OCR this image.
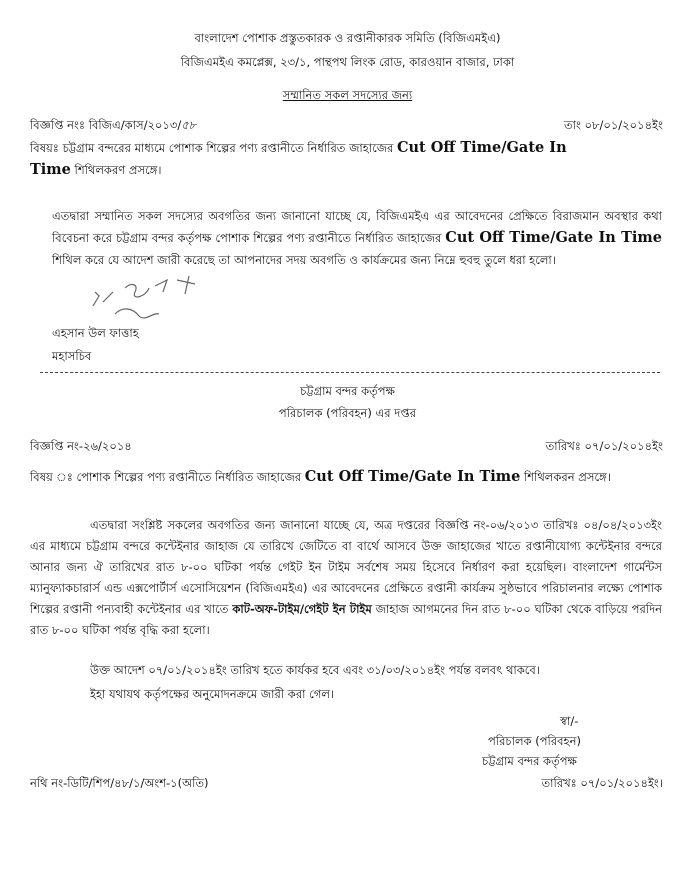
বাংলাদেশ পোশাক প্রস্তুতকারক ও রপ্তানীকারক সমিতি (বিজিএমইএ)
বিজিএমইএ কমপ্লেক্স, ২৩/১, পান্থপথ লিংক রোড, কারওয়ান বাজার, ঢাকা
সম্মানিত সকল সদস্যের জন্য
বিজ্ঞপ্তি নংঃ বিজিএ/কাস/২০১৩/৫৮	তাং ০৮/০১/২০১৪ইং
বিষয়ঃ চট্টগ্রাম বন্দরের মাধ্যমে পোশাক শিল্পের পণ্য রপ্তানীতে নির্ধারিত জাহাজের Cut Off Time/Gate In
Time শিথিলকরণ প্রসঙ্গে।
এতদ্বারা সম্মানিত সকল সদস্যের অবগতির জন্য জানানো যাচ্ছে যে, বিজিএমইএ এর আবেদনের প্রেক্ষিতে বিরাজমান অবস্থার কথা বিবেচনা করে চট্টগ্রাম বন্দর কর্তৃপক্ষ পোশাক শিল্পের পণ্য রপ্তানীতে নির্ধারিত জাহাজের Cut Off Time/Gate In Time শিথিল করে যে আদেশ জারী করেছে তা আপনাদের সদয় অবগতি ও কার্যক্রমের জন্য নিম্নে হুবহু তুলে ধরা হলো।
এহসান উল ফাত্তাহ
মহাসচিব
চট্টগ্রাম বন্দর কর্তৃপক্ষ
পরিচালক (পরিবহন) এর দপ্তর
বিজ্ঞপ্তি নং-২৬/২০১৪	তারিখঃ ০৭/০১/২০১৪ইং
বিষয় ঃ পোশাক শিল্পের পণ্য রপ্তানীতে নির্ধারিত জাহাজের Cut Off Time/Gate In Time শিথিলকরন প্রসঙ্গে।
এতদ্বারা সংশ্লিষ্ট সকলের অবগতির জন্য জানানো যাচ্ছে যে, অত্র দপ্তরের বিজ্ঞপ্তি নং-০৬/২০১৩ তারিখঃ ০৪/০৪/২০১৩ইং এর মাধ্যমে চট্টগ্রাম বন্দরে কন্টেইনার জাহাজ যে তারিখে জেটিতে বা বার্থে আসবে উক্ত জাহাজের খাতে রপ্তানীযোগ্য কন্টেইনার বন্দরে আনার জন্য ঐ তারিখের রাত ৮-০০ ঘটিকা পর্যন্ত গেইট ইন টাইম সর্বশেষ সময় হিসেবে নির্ধারণ করা হয়েছিল। বাংলাদেশ গার্মেন্টস ম্যানুফ্যাকচারার্স এন্ড এক্সপোর্টার্স এসোসিয়েশন (বিজিএমইএ) এর আবেদনের প্রেক্ষিতে রপ্তানী কার্যক্রম সুষ্ঠভাবে পরিচালনার লক্ষ্যে পোশাক শিল্পের রপ্তানী পন্যবাহী কন্টেইনার এর খাতে কাট-অফ-টাইম/গেইট ইন টাইম জাহাজ আগমনের দিন রাত ৮-০০ ঘটিকা থেকে বাড়িয়ে পরদিন রাত ৮-০০ ঘটিকা পর্যন্ত বৃদ্ধি করা হলো।
উক্ত আদেশ ০৭/০১/২০১৪ইং তারিখ হতে কার্যকর হবে এবং ৩১/০৩/২০১৪ইং পর্যন্ত বলবৎ থাকবে।
ইহা যথাযথ কর্তৃপক্ষের অনুমোদনক্রমে জারী করা গেল।
স্বা/-
পরিচালক (পরিবহন)
চট্টগ্রাম বন্দর কর্তৃপক্ষ
নথি নং-ডিটি/শিপ/৪৮/১/অংশ-১(অতি)	তারিখঃ ০৭/০১/২০১৪ইং।
